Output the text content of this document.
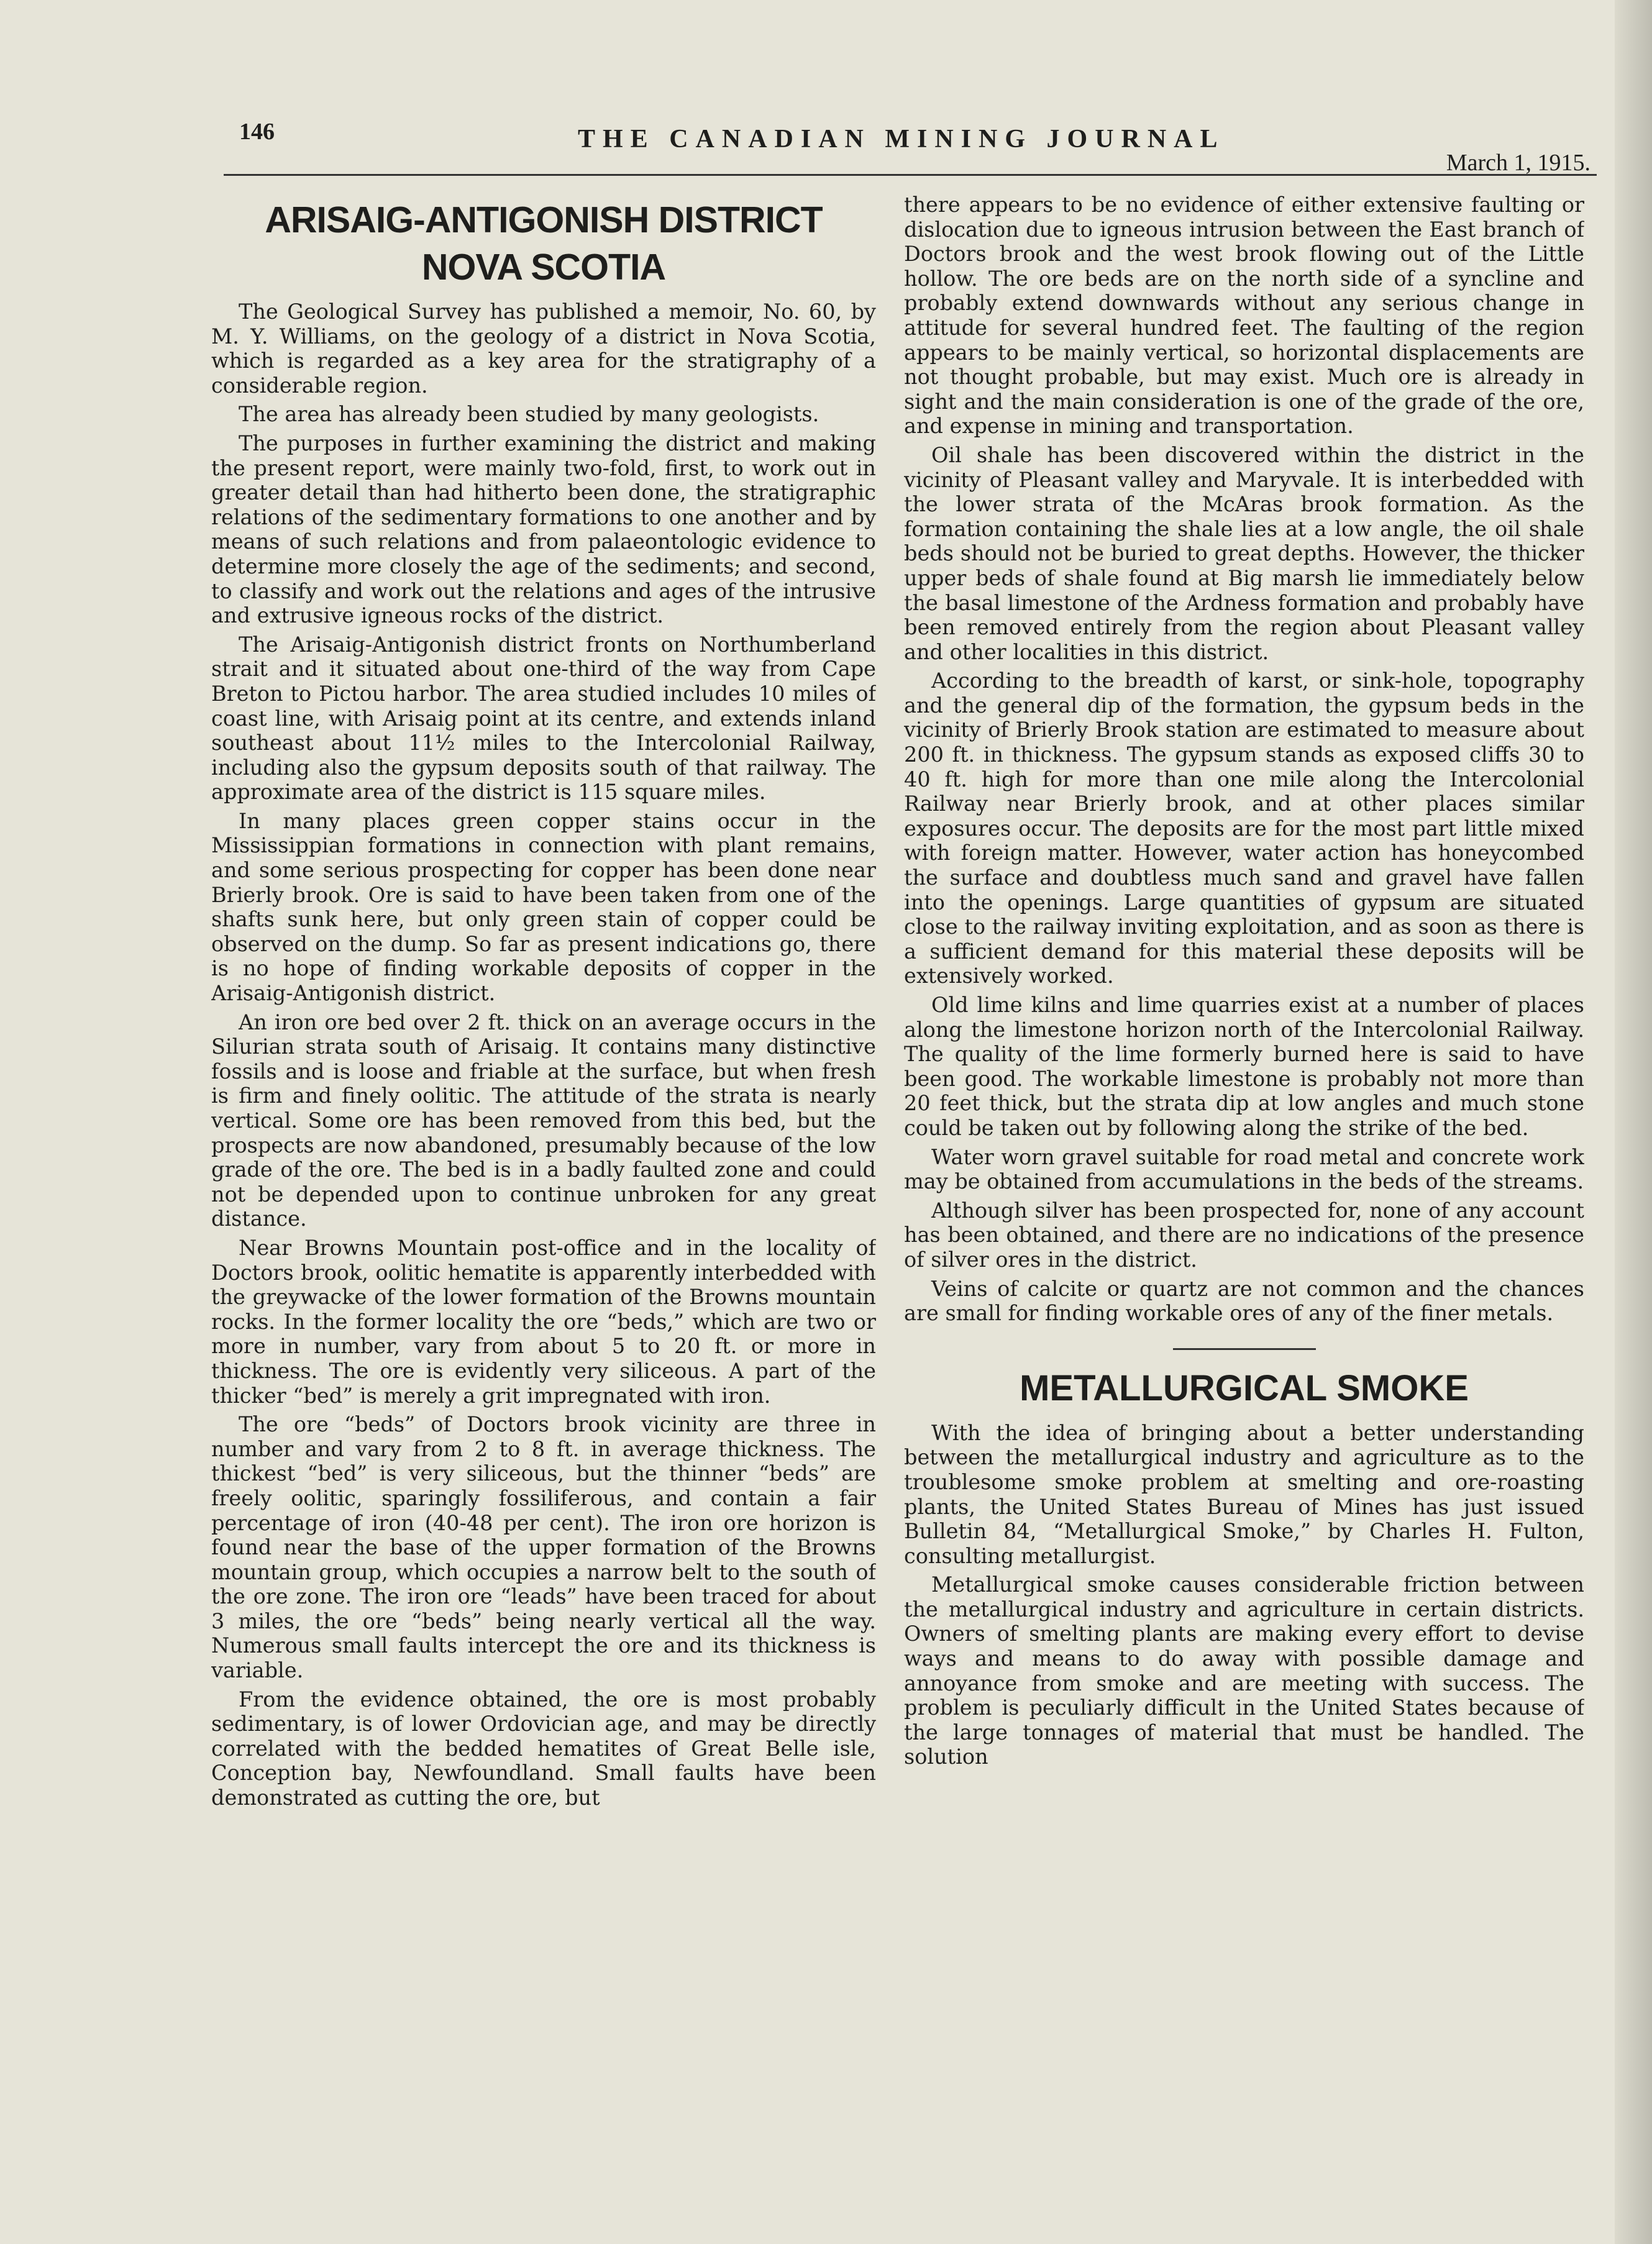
146	THE CANADIAN MINING JOURNAL
March 1, 1915.
ARISAIG-ANTIGONISH DISTRICT
NOVA SCOTIA

The Geological Survey has published a memoir, No. 60, by M. Y. Williams, on the geology of a district in Nova Scotia, which is regarded as a key area for the stratigraphy of a considerable region.

The area has already been studied by many geologists.

The purposes in further examining the district and making the present report, were mainly two-fold, first, to work out in greater detail than had hitherto been done, the stratigraphic relations of the sedimentary formations to one another and by means of such relations and from palaeontologic evidence to determine more closely the age of the sediments; and second, to classify and work out the relations and ages of the intrusive and extrusive igneous rocks of the district.

The Arisaig-Antigonish district fronts on Northumberland strait and it situated about one-third of the way from Cape Breton to Pictou harbor. The area studied includes 10 miles of coast line, with Arisaig point at its centre, and extends inland southeast about 11½ miles to the Intercolonial Railway, including also the gypsum deposits south of that railway. The approximate area of the district is 115 square miles.

In many places green copper stains occur in the Mississippian formations in connection with plant remains, and some serious prospecting for copper has been done near Brierly brook. Ore is said to have been taken from one of the shafts sunk here, but only green stain of copper could be observed on the dump. So far as present indications go, there is no hope of finding workable deposits of copper in the Arisaig-Antigonish district.

An iron ore bed over 2 ft. thick on an average occurs in the Silurian strata south of Arisaig. It contains many distinctive fossils and is loose and friable at the surface, but when fresh is firm and finely oolitic. The attitude of the strata is nearly vertical. Some ore has been removed from this bed, but the prospects are now abandoned, presumably because of the low grade of the ore. The bed is in a badly faulted zone and could not be depended upon to continue unbroken for any great distance.

Near Browns Mountain post-office and in the locality of Doctors brook, oolitic hematite is apparently interbedded with the greywacke of the lower formation of the Browns mountain rocks. In the former locality the ore “beds,” which are two or more in number, vary from about 5 to 20 ft. or more in thickness. The ore is evidently very siliceous. A part of the thicker “bed” is merely a grit impregnated with iron.

The ore “beds” of Doctors brook vicinity are three in number and vary from 2 to 8 ft. in average thickness. The thickest “bed” is very siliceous, but the thinner “beds” are freely oolitic, sparingly fossiliferous, and contain a fair percentage of iron (40-48 per cent). The iron ore horizon is found near the base of the upper formation of the Browns mountain group, which occupies a narrow belt to the south of the ore zone. The iron ore “leads” have been traced for about 3 miles, the ore “beds” being nearly vertical all the way. Numerous small faults intercept the ore and its thickness is variable.

From the evidence obtained, the ore is most probably sedimentary, is of lower Ordovician age, and may be directly correlated with the bedded hematites of Great Belle isle, Conception bay, Newfoundland. Small faults have been demonstrated as cutting the ore, but

there appears to be no evidence of either extensive faulting or dislocation due to igneous intrusion between the East branch of Doctors brook and the west brook flowing out of the Little hollow. The ore beds are on the north side of a syncline and probably extend downwards without any serious change in attitude for several hundred feet. The faulting of the region appears to be mainly vertical, so horizontal displacements are not thought probable, but may exist. Much ore is already in sight and the main consideration is one of the grade of the ore, and expense in mining and transportation.

Oil shale has been discovered within the district in the vicinity of Pleasant valley and Maryvale. It is interbedded with the lower strata of the McAras brook formation. As the formation containing the shale lies at a low angle, the oil shale beds should not be buried to great depths. However, the thicker upper beds of shale found at Big marsh lie immediately below the basal limestone of the Ardness formation and probably have been removed entirely from the region about Pleasant valley and other localities in this district.

According to the breadth of karst, or sink-hole, topography and the general dip of the formation, the gypsum beds in the vicinity of Brierly Brook station are estimated to measure about 200 ft. in thickness. The gypsum stands as exposed cliffs 30 to 40 ft. high for more than one mile along the Intercolonial Railway near Brierly brook, and at other places similar exposures occur. The deposits are for the most part little mixed with foreign matter. However, water action has honeycombed the surface and doubtless much sand and gravel have fallen into the openings. Large quantities of gypsum are situated close to the railway inviting exploitation, and as soon as there is a sufficient demand for this material these deposits will be extensively worked.

Old lime kilns and lime quarries exist at a number of places along the limestone horizon north of the Intercolonial Railway. The quality of the lime formerly burned here is said to have been good. The workable limestone is probably not more than 20 feet thick, but the strata dip at low angles and much stone could be taken out by following along the strike of the bed.

Water worn gravel suitable for road metal and concrete work may be obtained from accumulations in the beds of the streams.

Although silver has been prospected for, none of any account has been obtained, and there are no indications of the presence of silver ores in the district.

Veins of calcite or quartz are not common and the chances are small for finding workable ores of any of the finer metals.

METALLURGICAL SMOKE

With the idea of bringing about a better understanding between the metallurgical industry and agriculture as to the troublesome smoke problem at smelting and ore-roasting plants, the United States Bureau of Mines has just issued Bulletin 84, “Metallurgical Smoke,” by Charles H. Fulton, consulting metallurgist.

Metallurgical smoke causes considerable friction between the metallurgical industry and agriculture in certain districts. Owners of smelting plants are making every effort to devise ways and means to do away with possible damage and annoyance from smoke and are meeting with success. The problem is peculiarly difficult in the United States because of the large tonnages of material that must be handled. The solution
